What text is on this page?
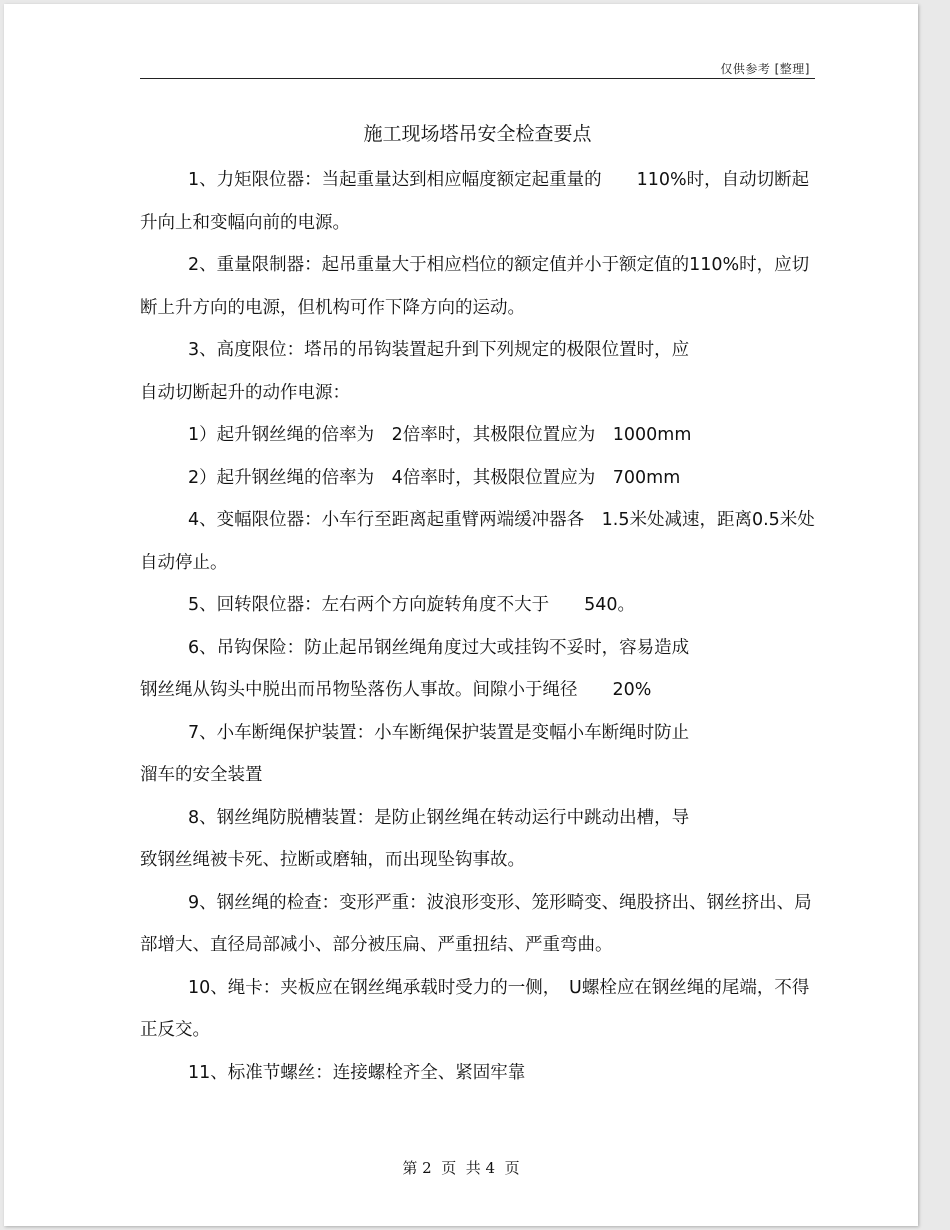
仅供参考 [整理]
施工现场塔吊安全检查要点

1、力矩限位器：当起重量达到相应幅度额定起重量的　　110%时，自动切断起升向上和变幅向前的电源。

2、重量限制器：起吊重量大于相应档位的额定值并小于额定值的110%时，应切断上升方向的电源，但机构可作下降方向的运动。

3、高度限位：塔吊的吊钩装置起升到下列规定的极限位置时，应
自动切断起升的动作电源：

1）起升钢丝绳的倍率为　2倍率时，其极限位置应为　1000mm

2）起升钢丝绳的倍率为　4倍率时，其极限位置应为　700mm

4、变幅限位器：小车行至距离起重臂两端缓冲器各　1.5米处减速，距离0.5米处自动停止。

5、回转限位器：左右两个方向旋转角度不大于　　540。

6、吊钩保险：防止起吊钢丝绳角度过大或挂钩不妥时，容易造成
钢丝绳从钩头中脱出而吊物坠落伤人事故。间隙小于绳径　　20%

7、小车断绳保护装置：小车断绳保护装置是变幅小车断绳时防止
溜车的安全装置

8、钢丝绳防脱槽装置：是防止钢丝绳在转动运行中跳动出槽，导
致钢丝绳被卡死、拉断或磨轴，而出现坠钩事故。

9、钢丝绳的检查：变形严重：波浪形变形、笼形畸变、绳股挤出、钢丝挤出、局部增大、直径局部减小、部分被压扁、严重扭结、严重弯曲。

10、绳卡：夹板应在钢丝绳承载时受力的一侧，　U螺栓应在钢丝绳的尾端，不得正反交。

11、标准节螺丝：连接螺栓齐全、紧固牢靠

第 2  页  共 4  页
